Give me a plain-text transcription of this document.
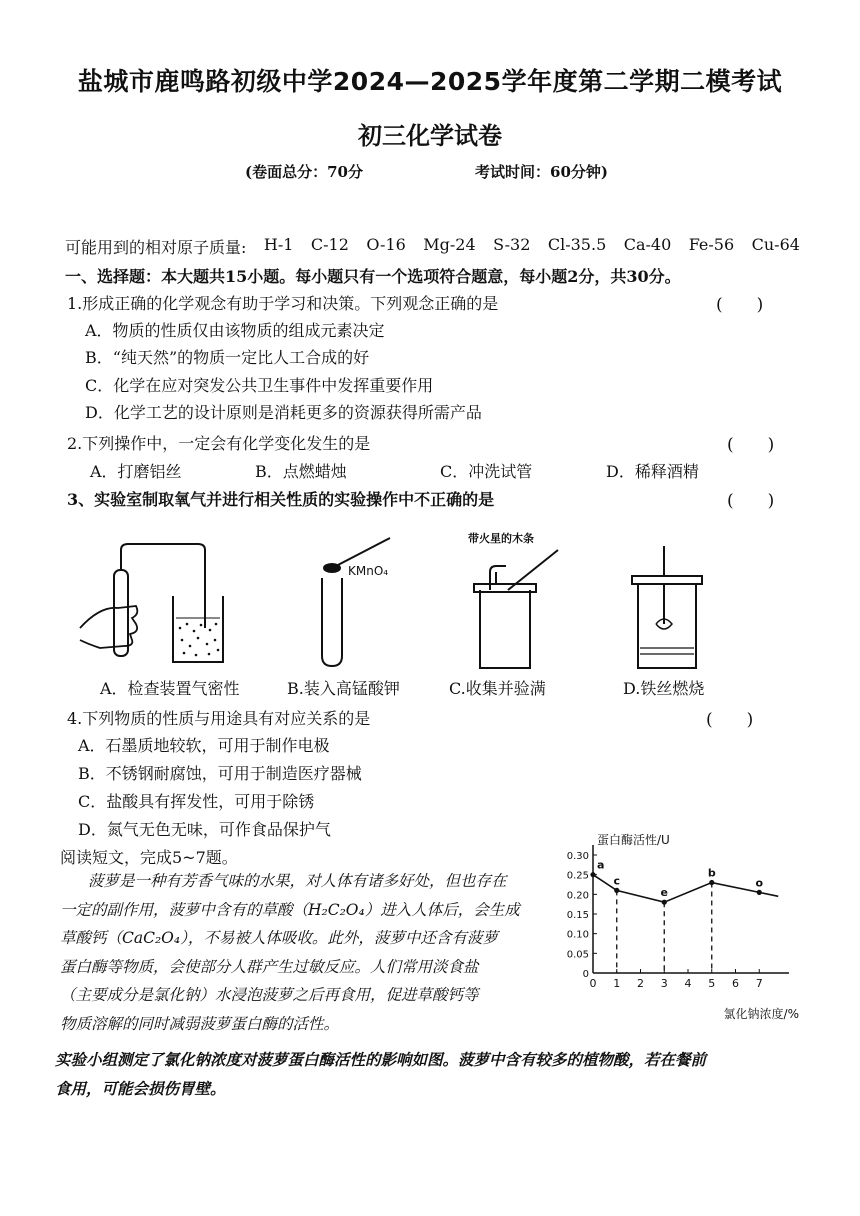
盐城市鹿鸣路初级中学2024—2025学年度第二学期二模考试
初三化学试卷
(卷面总分：70分	考试时间：60分钟)
可能用到的相对原子质量: H-1 C-12 O-16 Mg-24 S-32 Cl-35.5 Ca-40 Fe-56 Cu-64
一、选择题：本大题共15小题。每小题只有一个选项符合题意，每小题2分，共30分。
1.形成正确的化学观念有助于学习和决策。下列观念正确的是	(　　)
A．物质的性质仅由该物质的组成元素决定
B．“纯天然”的物质一定比人工合成的好
C．化学在应对突发公共卫生事件中发挥重要作用
D．化学工艺的设计原则是消耗更多的资源获得所需产品
2.下列操作中，一定会有化学变化发生的是	(　　)
A．打磨铝丝	B．点燃蜡烛	C．冲洗试管	D．稀释酒精
3、实验室制取氧气并进行相关性质的实验操作中不正确的是	(　　)
KMnO₄
带火星的木条
A．检查装置气密性	B.装入高锰酸钾	C.收集并验满	D.铁丝燃烧
4.下列物质的性质与用途具有对应关系的是	(　　)
A．石墨质地较软，可用于制作电极
B．不锈钢耐腐蚀，可用于制造医疗器械
C．盐酸具有挥发性，可用于除锈
D．氮气无色无味，可作食品保护气
阅读短文，完成5~7题。
菠萝是一种有芳香气味的水果，对人体有诸多好处，但也存在
一定的副作用，菠萝中含有的草酸（H₂C₂O₄）进入人体后，会生成
草酸钙（CaC₂O₄），不易被人体吸收。此外，菠萝中还含有菠萝
蛋白酶等物质，会使部分人群产生过敏反应。人们常用淡食盐
（主要成分是氯化钠）水浸泡菠萝之后再食用，促进草酸钙等
物质溶解的同时减弱菠萝蛋白酶的活性。
实验小组测定了氯化钠浓度对菠萝蛋白酶活性的影响如图。菠萝中含有较多的植物酸，若在餐前
食用，可能会损伤胃壁。
蛋白酶活性/U
氯化钠浓度/%
0.30
0.25
0.20
0.15
0.10
0.05
0
0 1 2 3 4 5 6 7
a
c
e
b
o
